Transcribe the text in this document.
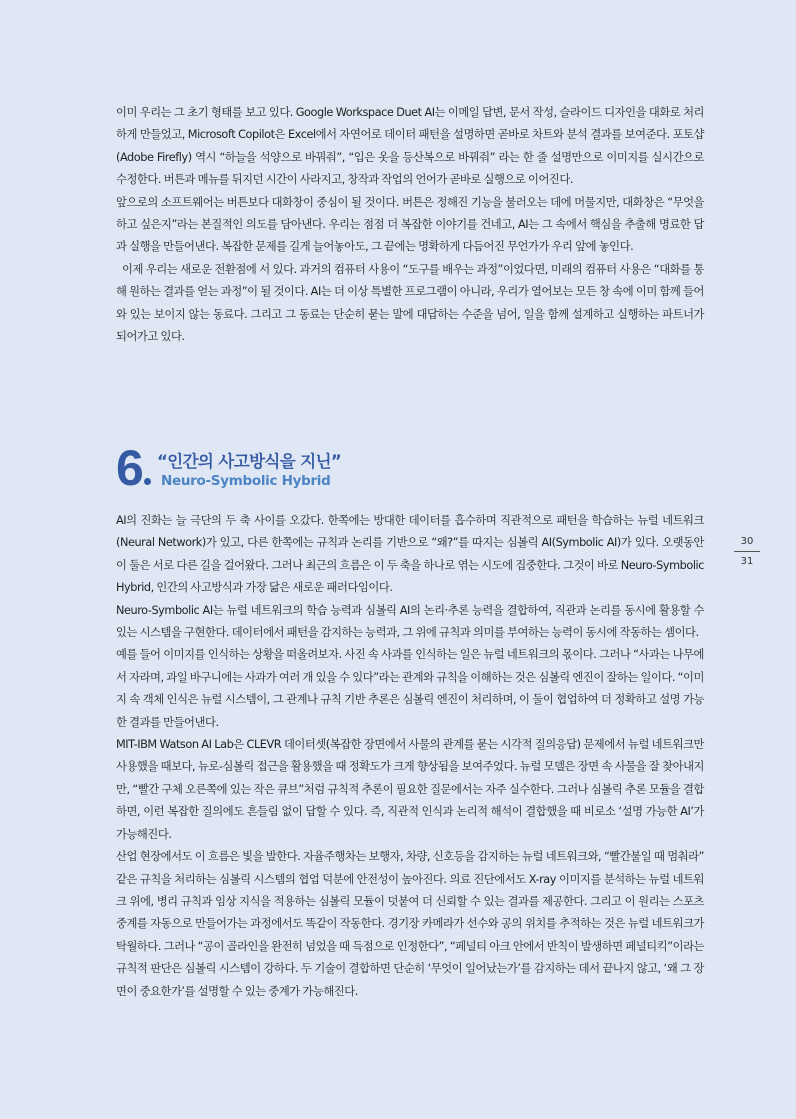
이미 우리는 그 초기 형태를 보고 있다. Google Workspace Duet AI는 이메일 답변, 문서 작성, 슬라이드 디자인을 대화로 처리하게 만들었고, Microsoft Copilot은 Excel에서 자연어로 데이터 패턴을 설명하면 곧바로 차트와 분석 결과를 보여준다. 포토샵(Adobe Firefly) 역시 “하늘을 석양으로 바꿔줘”, “입은 옷을 등산복으로 바꿔줘” 라는 한 줄 설명만으로 이미지를 실시간으로 수정한다. 버튼과 메뉴를 뒤지던 시간이 사라지고, 창작과 작업의 언어가 곧바로 실행으로 이어진다.

앞으로의 소프트웨어는 버튼보다 대화창이 중심이 될 것이다. 버튼은 정해진 기능을 불러오는 데에 머물지만, 대화창은 “무엇을 하고 싶은지”라는 본질적인 의도를 담아낸다. 우리는 점점 더 복잡한 이야기를 건네고, AI는 그 속에서 핵심을 추출해 명료한 답과 실행을 만들어낸다. 복잡한 문제를 길게 늘어놓아도, 그 끝에는 명확하게 다듬어진 무언가가 우리 앞에 놓인다.

이제 우리는 새로운 전환점에 서 있다. 과거의 컴퓨터 사용이 “도구를 배우는 과정”이었다면, 미래의 컴퓨터 사용은 “대화를 통해 원하는 결과를 얻는 과정”이 될 것이다. AI는 더 이상 특별한 프로그램이 아니라, 우리가 열어보는 모든 창 속에 이미 함께 들어와 있는 보이지 않는 동료다. 그리고 그 동료는 단순히 묻는 말에 대답하는 수준을 넘어, 일을 함께 설계하고 실행하는 파트너가 되어가고 있다.

6 “인간의 사고방식을 지닌”
Neuro-Symbolic Hybrid

AI의 진화는 늘 극단의 두 축 사이를 오갔다. 한쪽에는 방대한 데이터를 흡수하며 직관적으로 패턴을 학습하는 뉴럴 네트워크(Neural Network)가 있고, 다른 한쪽에는 규칙과 논리를 기반으로 “왜?”를 따지는 심볼릭 AI(Symbolic AI)가 있다. 오랫동안 이 둘은 서로 다른 길을 걸어왔다. 그러나 최근의 흐름은 이 두 축을 하나로 엮는 시도에 집중한다. 그것이 바로 Neuro-Symbolic Hybrid, 인간의 사고방식과 가장 닮은 새로운 패러다임이다.

Neuro-Symbolic AI는 뉴럴 네트워크의 학습 능력과 심볼릭 AI의 논리·추론 능력을 결합하여, 직관과 논리를 동시에 활용할 수 있는 시스템을 구현한다. 데이터에서 패턴을 감지하는 능력과, 그 위에 규칙과 의미를 부여하는 능력이 동시에 작동하는 셈이다.

예를 들어 이미지를 인식하는 상황을 떠올려보자. 사진 속 사과를 인식하는 일은 뉴럴 네트워크의 몫이다. 그러나 “사과는 나무에서 자라며, 과일 바구니에는 사과가 여러 개 있을 수 있다”라는 관계와 규칙을 이해하는 것은 심볼릭 엔진이 잘하는 일이다. “이미지 속 객체 인식은 뉴럴 시스템이, 그 관계나 규칙 기반 추론은 심볼릭 엔진이 처리하며, 이 둘이 협업하여 더 정확하고 설명 가능한 결과를 만들어낸다.

MIT-IBM Watson AI Lab은 CLEVR 데이터셋(복잡한 장면에서 사물의 관계를 묻는 시각적 질의응답) 문제에서 뉴럴 네트워크만 사용했을 때보다, 뉴로-심볼릭 접근을 활용했을 때 정확도가 크게 향상됨을 보여주었다. 뉴럴 모델은 장면 속 사물을 잘 찾아내지만, “빨간 구체 오른쪽에 있는 작은 큐브”처럼 규칙적 추론이 필요한 질문에서는 자주 실수한다. 그러나 심볼릭 추론 모듈을 결합하면, 이런 복잡한 질의에도 흔들림 없이 답할 수 있다. 즉, 직관적 인식과 논리적 해석이 결합했을 때 비로소 ‘설명 가능한 AI’가 가능해진다.

산업 현장에서도 이 흐름은 빛을 발한다. 자율주행차는 보행자, 차량, 신호등을 감지하는 뉴럴 네트워크와, “빨간불일 때 멈춰라” 같은 규칙을 처리하는 심볼릭 시스템의 협업 덕분에 안전성이 높아진다. 의료 진단에서도 X-ray 이미지를 분석하는 뉴럴 네트워크 위에, 병리 규칙과 임상 지식을 적용하는 심볼릭 모듈이 덧붙여 더 신뢰할 수 있는 결과를 제공한다. 그리고 이 원리는 스포츠 중계를 자동으로 만들어가는 과정에서도 똑같이 작동한다. 경기장 카메라가 선수와 공의 위치를 추적하는 것은 뉴럴 네트워크가 탁월하다. 그러나 “공이 골라인을 완전히 넘었을 때 득점으로 인정한다”, “페널티 아크 안에서 반칙이 발생하면 페널티킥”이라는 규칙적 판단은 심볼릭 시스템이 강하다. 두 기술이 결합하면 단순히 ‘무엇이 일어났는가’를 감지하는 데서 끝나지 않고, ‘왜 그 장면이 중요한가’를 설명할 수 있는 중계가 가능해진다.

30
31
